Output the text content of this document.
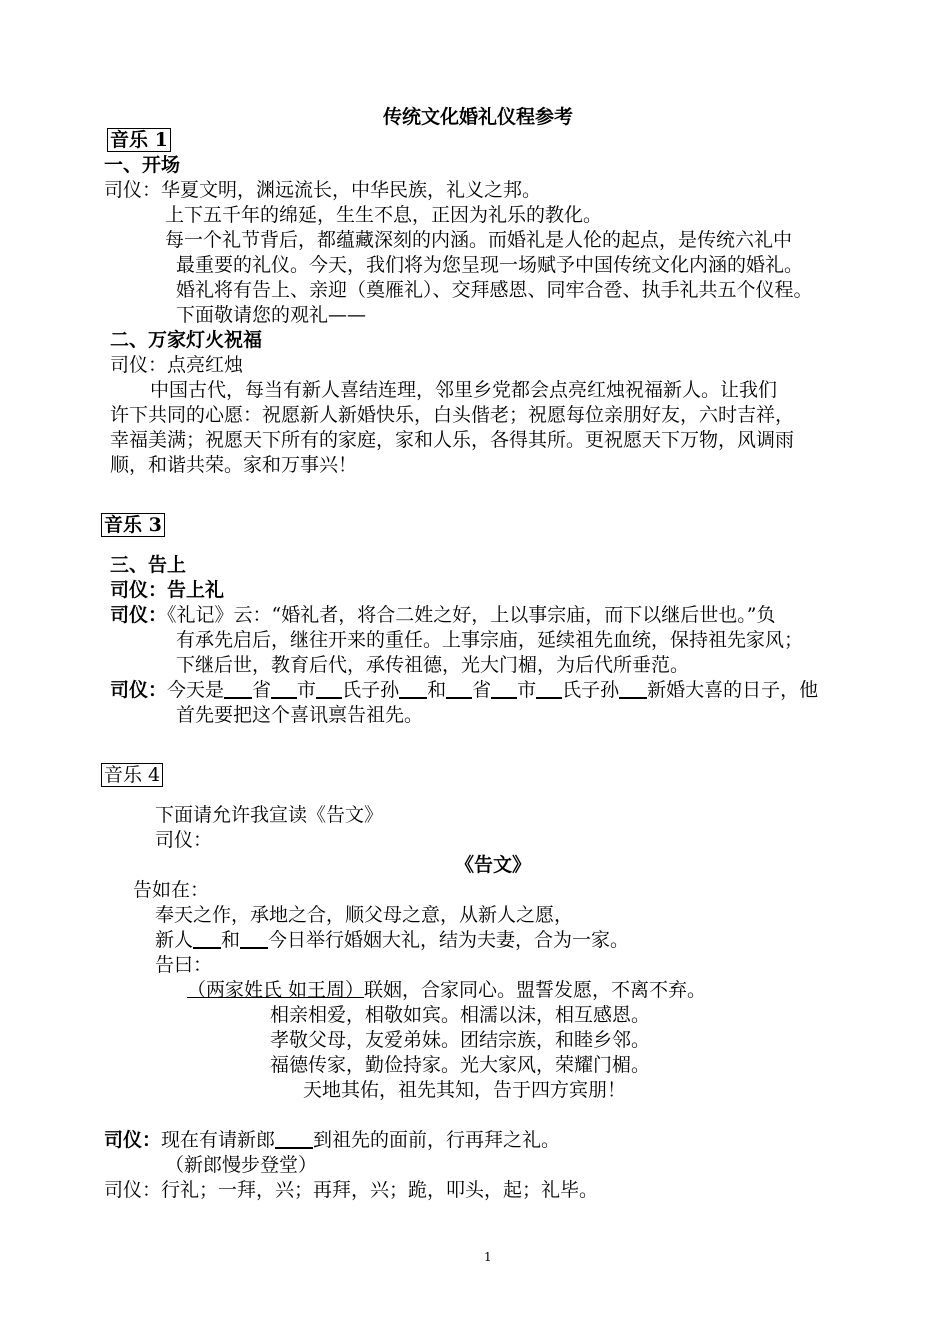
传统文化婚礼仪程参考
音乐 1
一、开场
司仪：华夏文明，渊远流长，中华民族，礼义之邦。
上下五千年的绵延，生生不息，正因为礼乐的教化。
每一个礼节背后，都蕴藏深刻的内涵。而婚礼是人伦的起点，是传统六礼中
最重要的礼仪。今天，我们将为您呈现一场赋予中国传统文化内涵的婚礼。
婚礼将有告上、亲迎（奠雁礼）、交拜感恩、同牢合卺、执手礼共五个仪程。
下面敬请您的观礼——
二、万家灯火祝福
司仪：点亮红烛
中国古代，每当有新人喜结连理，邻里乡党都会点亮红烛祝福新人。让我们
许下共同的心愿：祝愿新人新婚快乐，白头偕老；祝愿每位亲朋好友，六时吉祥，
幸福美满；祝愿天下所有的家庭，家和人乐，各得其所。更祝愿天下万物，风调雨
顺，和谐共荣。家和万事兴！
音乐 3
三、告上
司仪：告上礼
司仪：《礼记》云：“婚礼者，将合二姓之好，上以事宗庙，而下以继后世也。”负
有承先启后，继往开来的重任。上事宗庙，延续祖先血统，保持祖先家风；
下继后世，教育后代，承传祖德，光大门楣，为后代所垂范。
司仪：今天是 省 市 氏子孙 和 省 市 氏子孙 新婚大喜的日子，他
首先要把这个喜讯禀告祖先。
音乐 4
下面请允许我宣读《告文》
司仪：
《告文》
告如在：
奉天之作，承地之合，顺父母之意，从新人之愿，
新人 和 今日举行婚姻大礼，结为夫妻，合为一家。
告曰：
（两家姓氏 如王周）联姻，合家同心。盟誓发愿，不离不弃。
相亲相爱，相敬如宾。相濡以沫，相互感恩。
孝敬父母，友爱弟妹。团结宗族，和睦乡邻。
福德传家，勤俭持家。光大家风，荣耀门楣。
天地其佑，祖先其知，告于四方宾朋！
司仪：现在有请新郎 到祖先的面前，行再拜之礼。
（新郎慢步登堂）
司仪：行礼；一拜，兴；再拜，兴；跪，叩头，起；礼毕。
1
